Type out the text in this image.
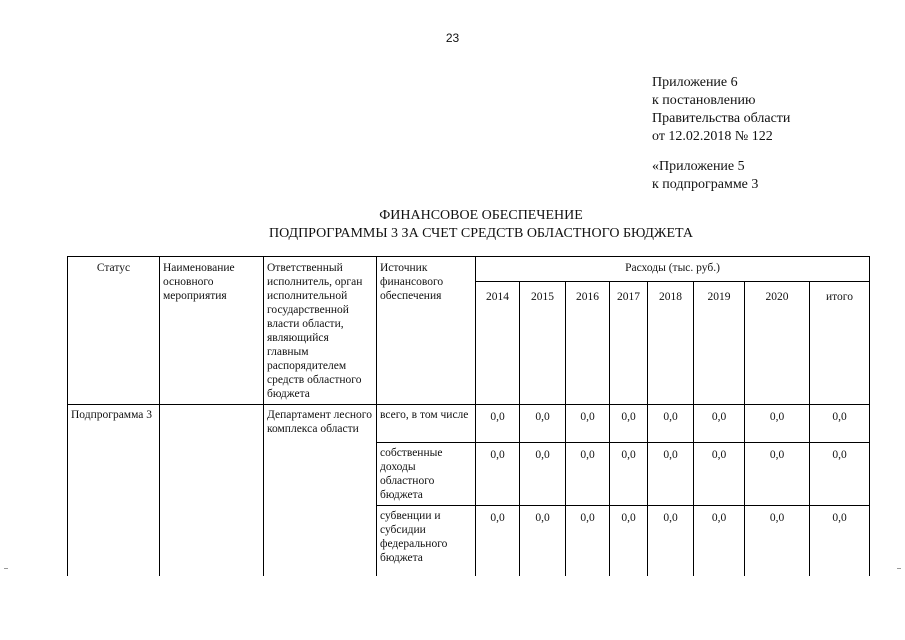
23
Приложение 6
к постановлению
Правительства области
от 12.02.2018 № 122
«Приложение 5
к подпрограмме 3
ФИНАНСОВОЕ ОБЕСПЕЧЕНИЕ
ПОДПРОГРАММЫ 3 ЗА СЧЕТ СРЕДСТВ ОБЛАСТНОГО БЮДЖЕТА
Статус	Наименование основного мероприятия	Ответственный исполнитель, орган исполнительной государственной власти области, являющийся главным распорядителем средств областного бюджета	Источник финансового обеспечения	Расходы (тыс. руб.)							
				2014	2015	2016	2017	2018	2019	2020	итого
Подпрограмма 3		Департамент лесного комплекса области	всего, в том числе	0,0	0,0	0,0	0,0	0,0	0,0	0,0	0,0
			собственные доходы областного бюджета	0,0	0,0	0,0	0,0	0,0	0,0	0,0	0,0
			субвенции и субсидии федерального бюджета	0,0	0,0	0,0	0,0	0,0	0,0	0,0	0,0
